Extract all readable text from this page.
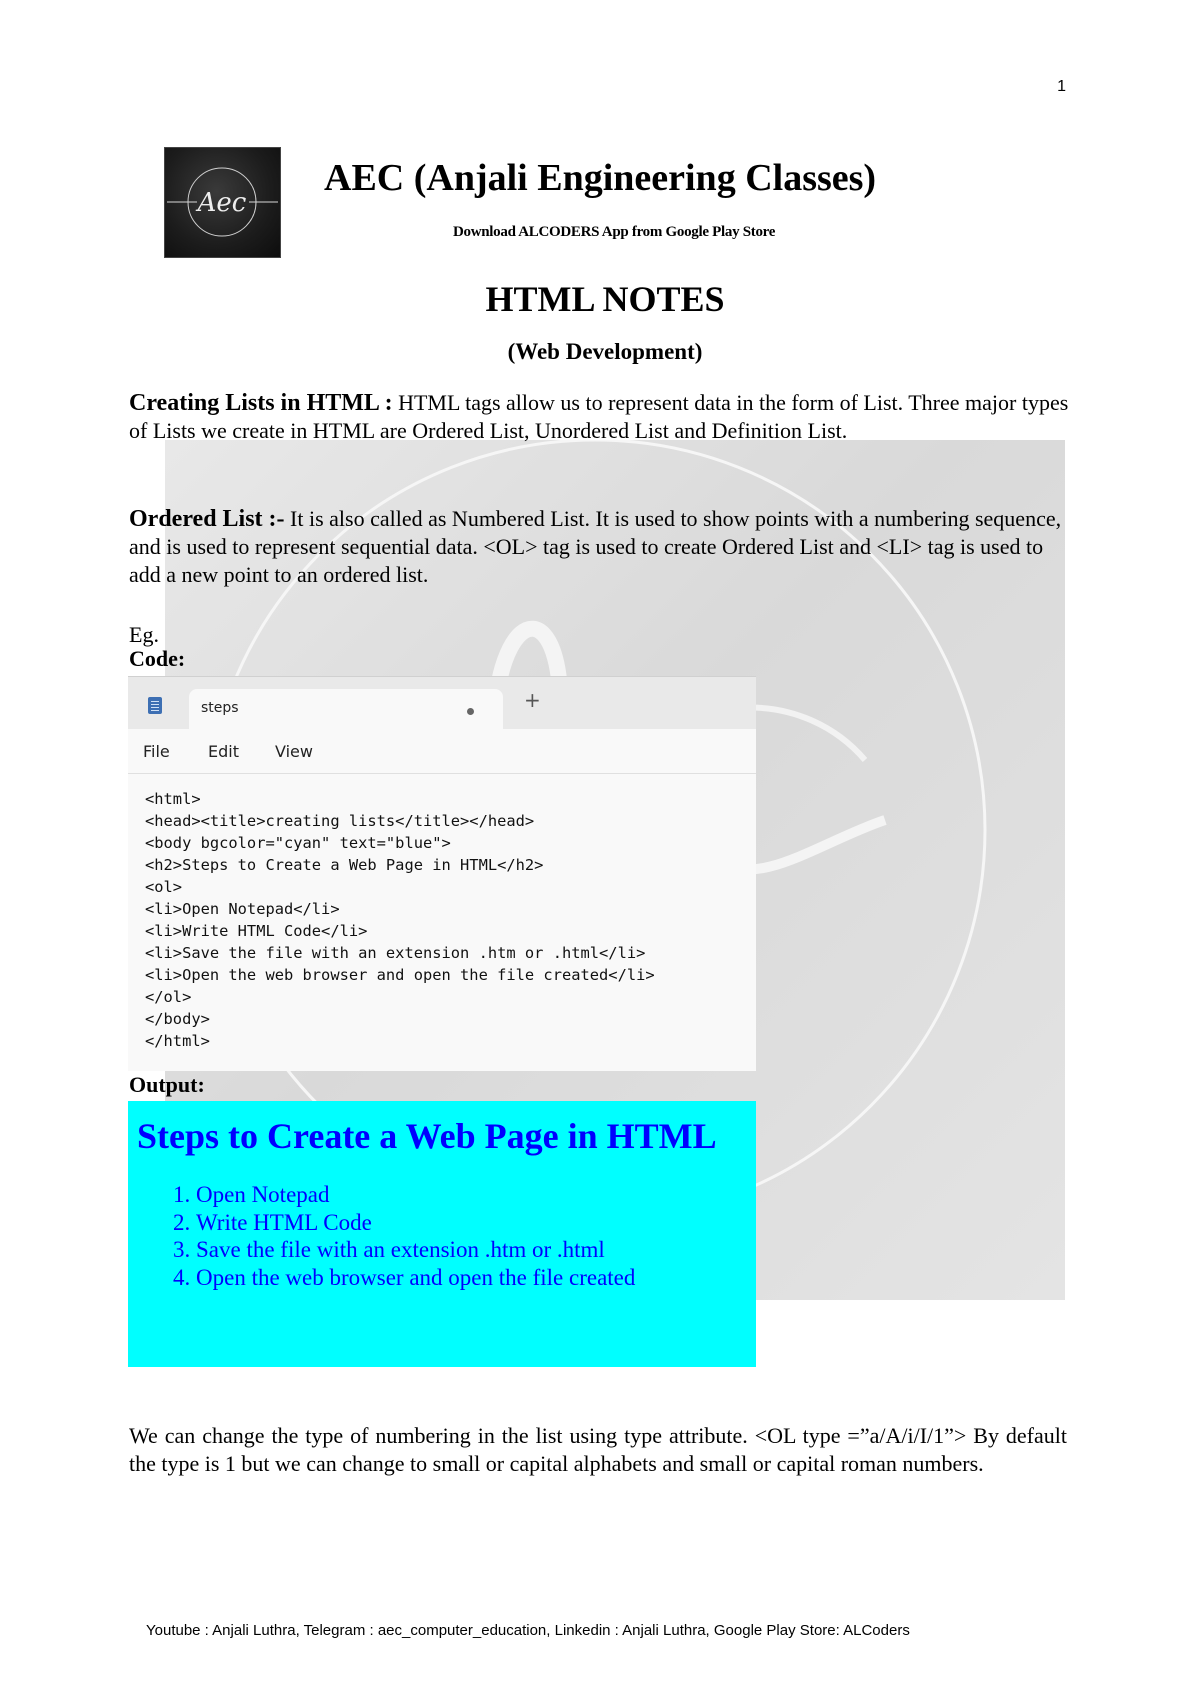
1
Aec
AEC (Anjali Engineering Classes)
Download ALCODERS App from Google Play Store
HTML NOTES
(Web Development)
Creating Lists in HTML : HTML tags allow us to represent data in the form of List. Three major types of Lists we create in HTML are Ordered List, Unordered List and Definition List.
Ordered List :- It is also called as Numbered List. It is used to show points with a numbering sequence, and is used to represent sequential data. <OL> tag is used to create Ordered List and <LI> tag is used to add a new point to an ordered list.
Eg.
Code:
steps	+
File Edit View
<html>
<head><title>creating lists</title></head>
<body bgcolor="cyan" text="blue">
<h2>Steps to Create a Web Page in HTML</h2>
<ol>
<li>Open Notepad</li>
<li>Write HTML Code</li>
<li>Save the file with an extension .htm or .html</li>
<li>Open the web browser and open the file created</li>
</ol>
</body>
</html>
Output:
Steps to Create a Web Page in HTML
1. Open Notepad
2. Write HTML Code
3. Save the file with an extension .htm or .html
4. Open the web browser and open the file created
We can change the type of numbering in the list using type attribute. <OL type =”a/A/i/I/1”> By default the type is 1 but we can change to small or capital alphabets and small or capital roman numbers.
Youtube : Anjali Luthra, Telegram : aec_computer_education, Linkedin : Anjali Luthra, Google Play Store: ALCoders
